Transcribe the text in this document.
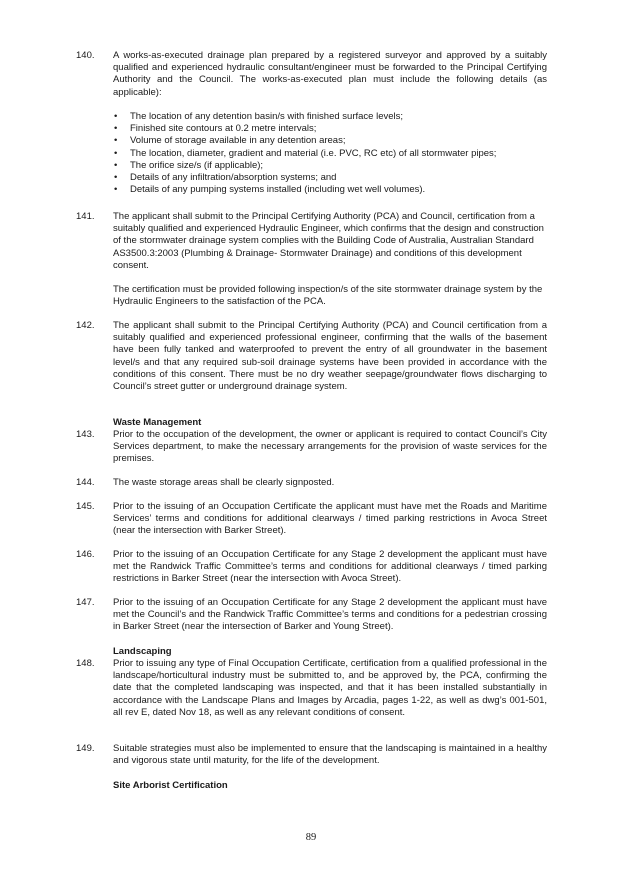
140. A works-as-executed drainage plan prepared by a registered surveyor and approved by a suitably qualified and experienced hydraulic consultant/engineer must be forwarded to the Principal Certifying Authority and the Council. The works-as-executed plan must include the following details (as applicable):
• The location of any detention basin/s with finished surface levels;
• Finished site contours at 0.2 metre intervals;
• Volume of storage available in any detention areas;
• The location, diameter, gradient and material (i.e. PVC, RC etc) of all stormwater pipes;
• The orifice size/s (if applicable);
• Details of any infiltration/absorption systems; and
• Details of any pumping systems installed (including wet well volumes).
141. The applicant shall submit to the Principal Certifying Authority (PCA) and Council, certification from a suitably qualified and experienced Hydraulic Engineer, which confirms that the design and construction of the stormwater drainage system complies with the Building Code of Australia, Australian Standard AS3500.3:2003 (Plumbing & Drainage- Stormwater Drainage) and conditions of this development consent.
The certification must be provided following inspection/s of the site stormwater drainage system by the Hydraulic Engineers to the satisfaction of the PCA.
142. The applicant shall submit to the Principal Certifying Authority (PCA) and Council certification from a suitably qualified and experienced professional engineer, confirming that the walls of the basement have been fully tanked and waterproofed to prevent the entry of all groundwater in the basement level/s and that any required sub-soil drainage systems have been provided in accordance with the conditions of this consent. There must be no dry weather seepage/groundwater flows discharging to Council’s street gutter or underground drainage system.
Waste Management
143. Prior to the occupation of the development, the owner or applicant is required to contact Council’s City Services department, to make the necessary arrangements for the provision of waste services for the premises.
144. The waste storage areas shall be clearly signposted.
145. Prior to the issuing of an Occupation Certificate the applicant must have met the Roads and Maritime Services’ terms and conditions for additional clearways / timed parking restrictions in Avoca Street (near the intersection with Barker Street).
146. Prior to the issuing of an Occupation Certificate for any Stage 2 development the applicant must have met the Randwick Traffic Committee’s terms and conditions for additional clearways / timed parking restrictions in Barker Street (near the intersection with Avoca Street).
147. Prior to the issuing of an Occupation Certificate for any Stage 2 development the applicant must have met the Council’s and the Randwick Traffic Committee’s terms and conditions for a pedestrian crossing in Barker Street (near the intersection of Barker and Young Street).
Landscaping
148. Prior to issuing any type of Final Occupation Certificate, certification from a qualified professional in the landscape/horticultural industry must be submitted to, and be approved by, the PCA, confirming the date that the completed landscaping was inspected, and that it has been installed substantially in accordance with the Landscape Plans and Images by Arcadia, pages 1-22, as well as dwg’s 001-501, all rev E, dated Nov 18, as well as any relevant conditions of consent.
149. Suitable strategies must also be implemented to ensure that the landscaping is maintained in a healthy and vigorous state until maturity, for the life of the development.
Site Arborist Certification
89
